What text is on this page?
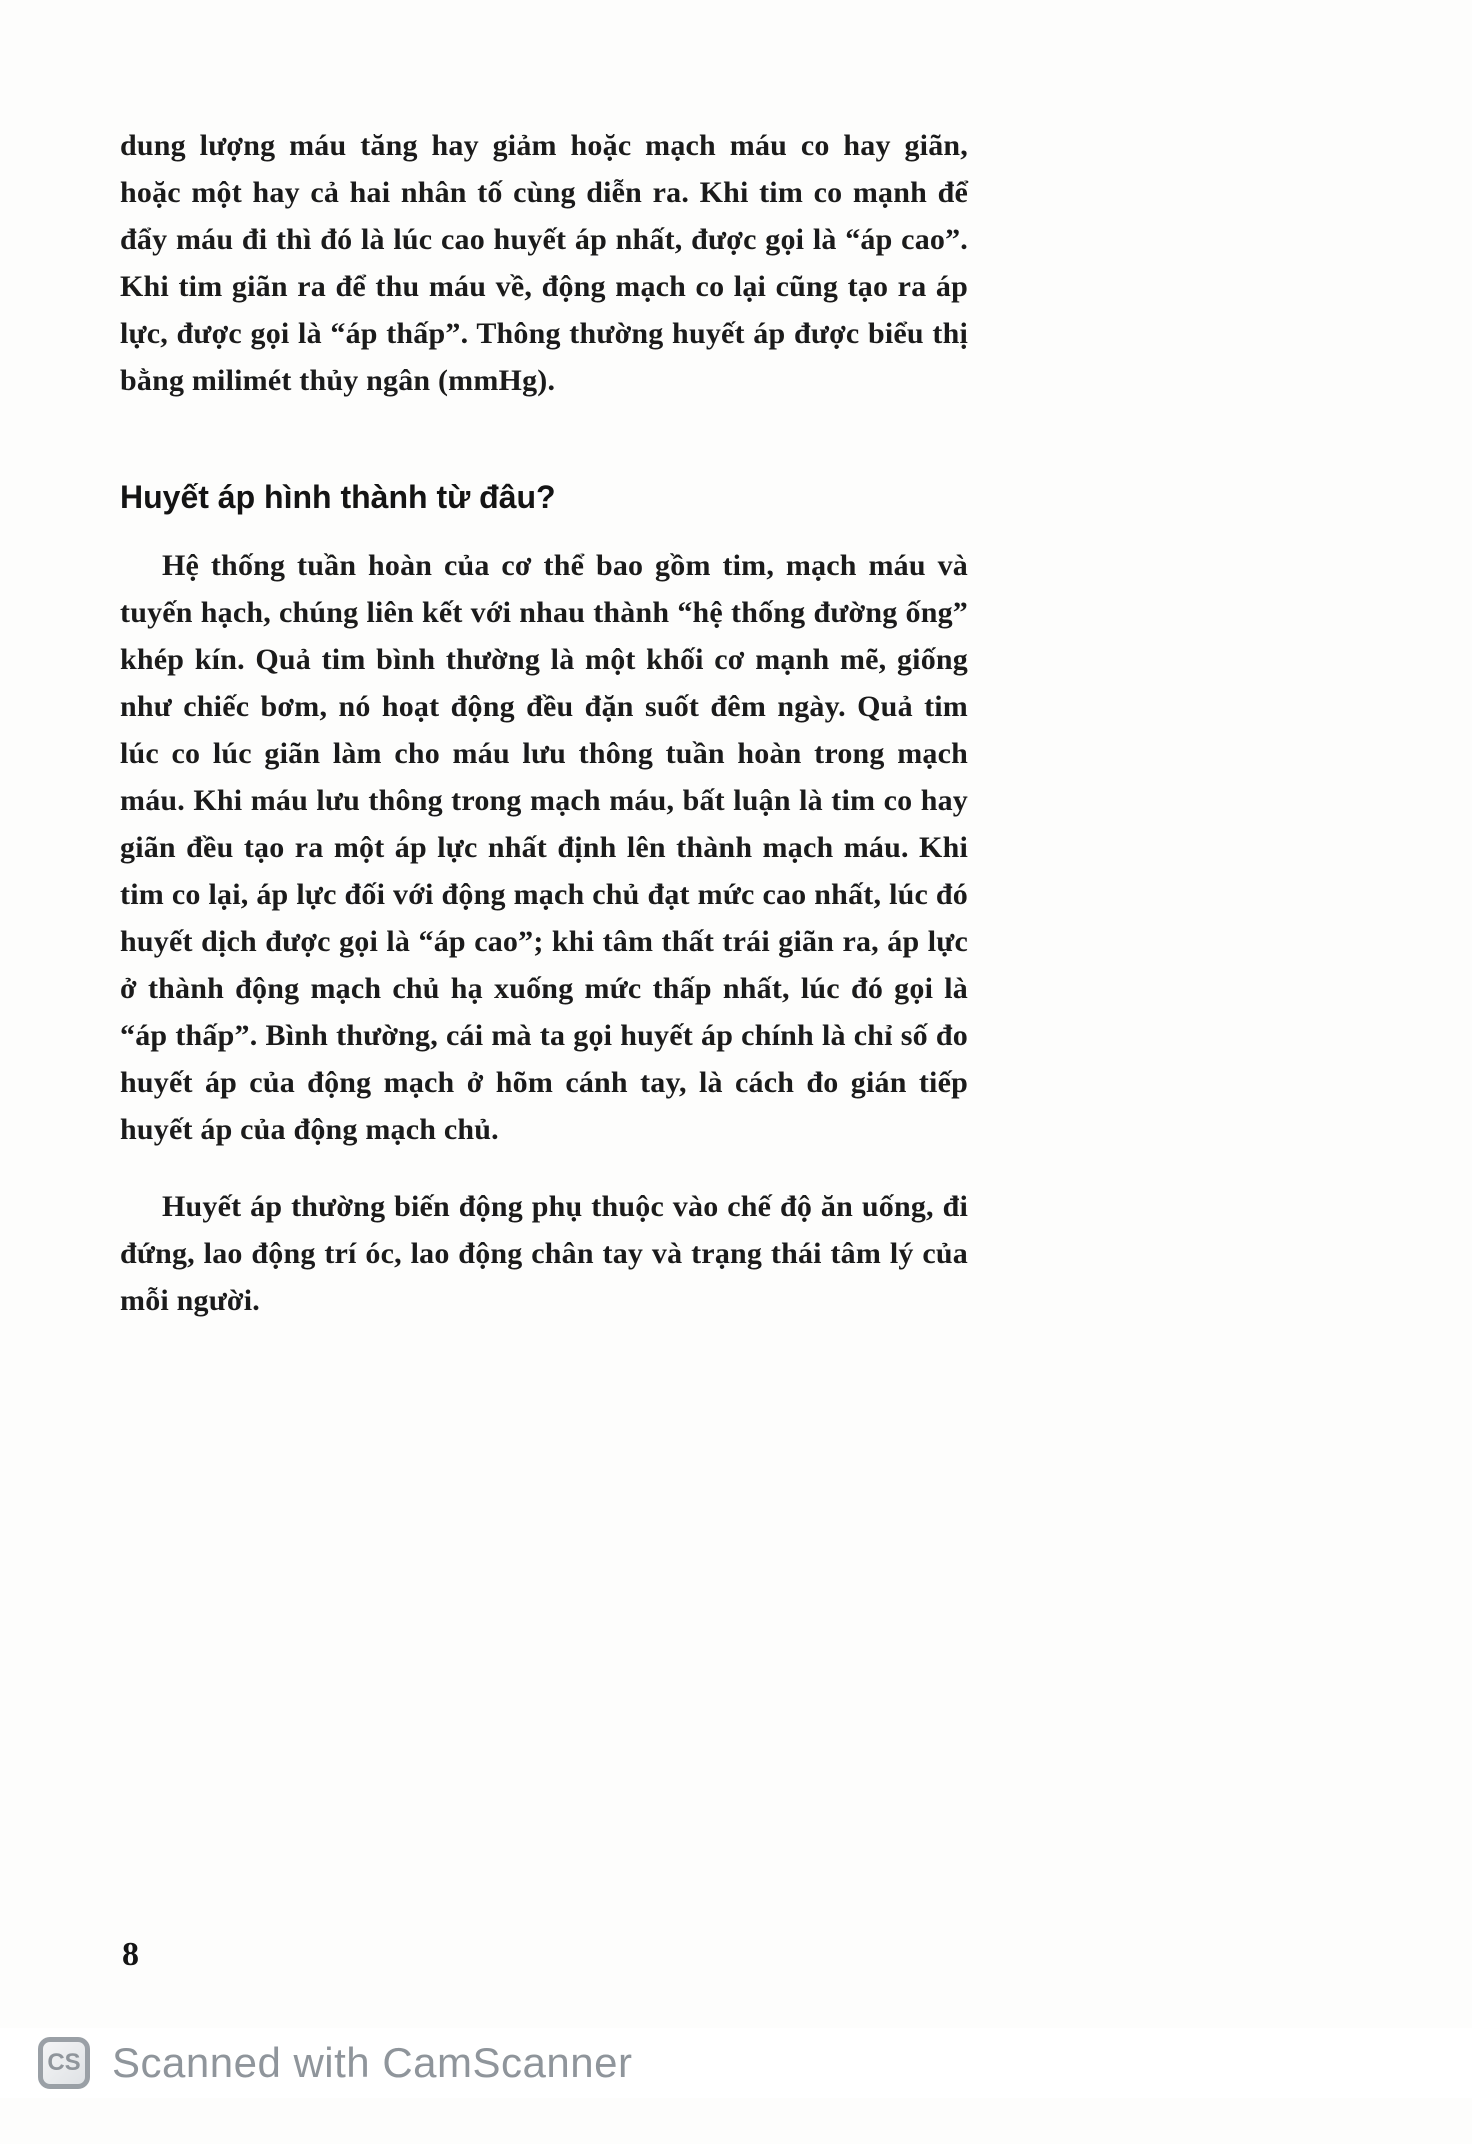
dung lượng máu tăng hay giảm hoặc mạch máu co hay giãn, hoặc một hay cả hai nhân tố cùng diễn ra. Khi tim co mạnh để đẩy máu đi thì đó là lúc cao huyết áp nhất, được gọi là “áp cao”. Khi tim giãn ra để thu máu về, động mạch co lại cũng tạo ra áp lực, được gọi là “áp thấp”. Thông thường huyết áp được biểu thị bằng milimét thủy ngân (mmHg).

Huyết áp hình thành từ đâu?

Hệ thống tuần hoàn của cơ thể bao gồm tim, mạch máu và tuyến hạch, chúng liên kết với nhau thành “hệ thống đường ống” khép kín. Quả tim bình thường là một khối cơ mạnh mẽ, giống như chiếc bơm, nó hoạt động đều đặn suốt đêm ngày. Quả tim lúc co lúc giãn làm cho máu lưu thông tuần hoàn trong mạch máu. Khi máu lưu thông trong mạch máu, bất luận là tim co hay giãn đều tạo ra một áp lực nhất định lên thành mạch máu. Khi tim co lại, áp lực đối với động mạch chủ đạt mức cao nhất, lúc đó huyết dịch được gọi là “áp cao”; khi tâm thất trái giãn ra, áp lực ở thành động mạch chủ hạ xuống mức thấp nhất, lúc đó gọi là “áp thấp”. Bình thường, cái mà ta gọi huyết áp chính là chỉ số đo huyết áp của động mạch ở hõm cánh tay, là cách đo gián tiếp huyết áp của động mạch chủ.

Huyết áp thường biến động phụ thuộc vào chế độ ăn uống, đi đứng, lao động trí óc, lao động chân tay và trạng thái tâm lý của mỗi người.

8
CS Scanned with CamScanner
